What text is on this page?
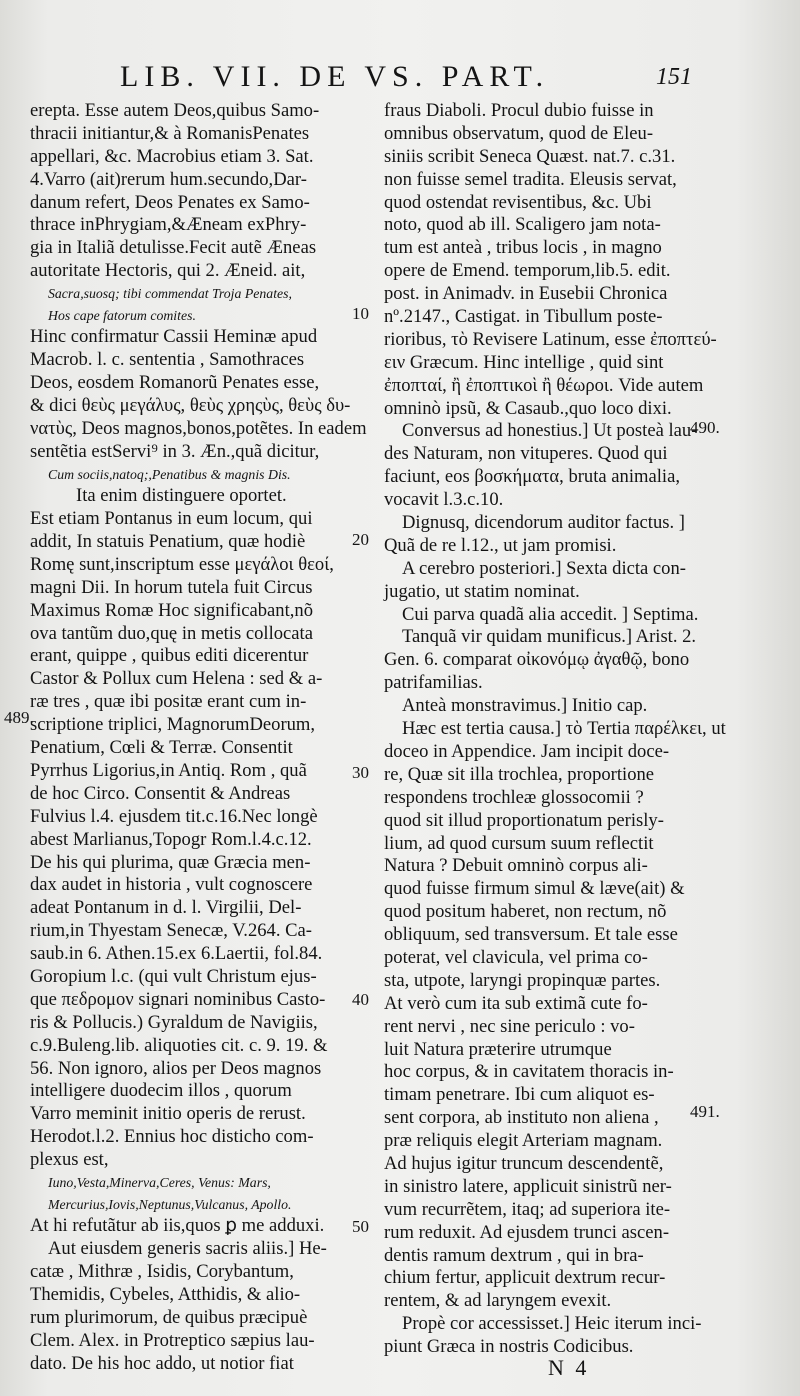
LIB. VII. DE VS. PART.	151
erepta. Esse autem Deos,quibus Samo-
thracii initiantur,& à RomanisPenates
appellari, &c. Macrobius etiam 3. Sat.
4.Varro (ait)rerum hum.secundo,Dar-
danum refert, Deos Penates ex Samo-
thrace inPhrygiam,&Æneam exPhry-
gia in Italiã detulisse.Fecit autẽ Æneas
autoritate Hectoris, qui 2. Æneid. ait,
Sacra,suosq; tibi commendat Troja Penates,
Hos cape fatorum comites.
Hinc confirmatur Cassii Heminæ apud
Macrob. l. c. sententia , Samothraces
Deos, eosdem Romanorũ Penates esse,
& dici θεὺς μεγάλυς, θεὺς χρηςὺς, θεὺς δυ-
νατὺς, Deos magnos,bonos,potẽtes. In eadem
sentẽtia estServi⁹ in 3. Æn.,quã dicitur,
Cum sociis,natoq;,Penatibus & magnis Dis.
Ita enim distinguere oportet.
Est etiam Pontanus in eum locum, qui
addit, In statuis Penatium, quæ hodiè
Romę sunt,inscriptum esse μεγάλοι θεοί,
magni Dii. In horum tutela fuit Circus
Maximus Romæ Hoc significabant,nõ
ova tantũm duo,quę in metis collocata
erant, quippe , quibus editi dicerentur
Castor & Pollux cum Helena : sed & a-
ræ tres , quæ ibi positæ erant cum in-
scriptione triplici, MagnorumDeorum,
Penatium, Cœli & Terræ. Consentit
Pyrrhus Ligorius,in Antiq. Rom , quã
de hoc Circo. Consentit & Andreas
Fulvius l.4. ejusdem tit.c.16.Nec longè
abest Marlianus,Topogr Rom.l.4.c.12.
De his qui plurima, quæ Græcia men-
dax audet in historia , vult cognoscere
adeat Pontanum in d. l. Virgilii, Del-
rium,in Thyestam Senecæ, V.264. Ca-
saub.in 6. Athen.15.ex 6.Laertii, fol.84.
Goropium l.c. (qui vult Christum ejus-
que πεδρομον signari nominibus Casto-
ris & Pollucis.) Gyraldum de Navigiis,
c.9.Buleng.lib. aliquoties cit. c. 9. 19. &
56. Non ignoro, alios per Deos magnos
intelligere duodecim illos , quorum
Varro meminit initio operis de rerust.
Herodot.l.2. Ennius hoc disticho com-
plexus est,
Iuno,Vesta,Minerva,Ceres, Venus: Mars,
Mercurius,Iovis,Neptunus,Vulcanus, Apollo.
At hi refutãtur ab iis,quos ꝑ me adduxi.
Aut eiusdem generis sacris aliis.] He-
catæ , Mithræ , Isidis, Corybantum,
Themidis, Cybeles, Atthidis, & alio-
rum plurimorum, de quibus præcipuè
Clem. Alex. in Protreptico sæpius lau-
dato. De his hoc addo, ut notior fiat
fraus Diaboli. Procul dubio fuisse in
omnibus observatum, quod de Eleu-
siniis scribit Seneca Quæst. nat.7. c.31.
non fuisse semel tradita. Eleusis servat,
quod ostendat revisentibus, &c. Ubi
noto, quod ab ill. Scaligero jam nota-
tum est anteà , tribus locis , in magno
opere de Emend. temporum,lib.5. edit.
post. in Animadv. in Eusebii Chronica
nº.2147., Castigat. in Tibullum poste-
rioribus, τὸ Revisere Latinum, esse ἐποπτεύ-
ειν Græcum. Hinc intellige , quid sint
ἐποπταί, ἢ ἐποπτικοὶ ἢ θέωροι. Vide autem
omninò ipsũ, & Casaub.,quo loco dixi.
Conversus ad honestius.] Ut posteà lau-
des Naturam, non vituperes. Quod qui
faciunt, eos βοσκήματα, bruta animalia,
vocavit l.3.c.10.
Dignusq, dicendorum auditor factus. ]
Quã de re l.12., ut jam promisi.
A cerebro posteriori.] Sexta dicta con-
jugatio, ut statim nominat.
Cui parva quadã alia accedit. ] Septima.
Tanquã vir quidam munificus.] Arist. 2.
Gen. 6. comparat οἰκονόμῳ ἀγαθῷ, bono
patrifamilias.
Anteà monstravimus.] Initio cap.
Hæc est tertia causa.] τὸ Tertia παρέλκει, ut
doceo in Appendice. Jam incipit doce-
re, Quæ sit illa trochlea, proportione
respondens trochleæ glossocomii ?
quod sit illud proportionatum perisly-
lium, ad quod cursum suum reflectit
Natura ? Debuit omninò corpus ali-
quod fuisse firmum simul & læve(ait) &
quod positum haberet, non rectum, nõ
obliquum, sed transversum. Et tale esse
poterat, vel clavicula, vel prima co-
sta, utpote, laryngi propinquæ partes.
At verò cum ita sub extimã cute fo-
rent nervi , nec sine periculo : vo-
luit Natura præterire utrumque
hoc corpus, & in cavitatem thoracis in-
timam penetrare. Ibi cum aliquot es-
sent corpora, ab instituto non aliena ,
præ reliquis elegit Arteriam magnam.
Ad hujus igitur truncum descendentẽ,
in sinistro latere, applicuit sinistrũ ner-
vum recurrẽtem, itaq; ad superiora ite-
rum reduxit. Ad ejusdem trunci ascen-
dentis ramum dextrum , qui in bra-
chium fertur, applicuit dextrum recur-
rentem, & ad laryngem evexit.
Propè cor accessisset.] Heic iterum inci-
piunt Græca in nostris Codicibus.
10
20
30
40
50
489.
490.
491.
N 4
